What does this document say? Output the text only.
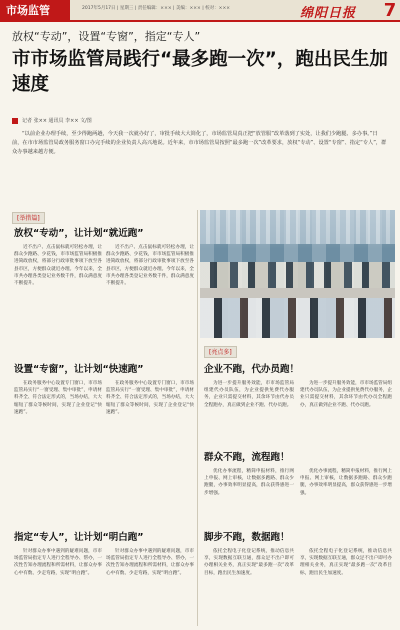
市场监管	2017年5月17日 | 星期三 | 责任编辑：××× | 美编：××× | 校对：×××	绵阳日报 7
放权“专动”，设置“专窗”，指定“专人”
市市场监管局践行“最多跑一次”，跑出民生加速度
记者 张×× 通讯员 李×× 文/图
“以前企业办理手续，至少得跑两趟，今天我一次就办好了，审批手续大大简化了，市场监管局真正把“放管服”改革落到了实处，让我们少跑腿、多办事。”日前，在市市场监管局政务服务窗口办完手续的企业负责人高兴地说。近年来，市市场监管局按照“最多跑一次”改革要求，放权“专动”、设置“专窗”、指定“专人”，群众办事越来越方便。
[举措篇]
放权“专动”，让计划“就近跑”

近不出户、点击鼠标就可轻松办理，让群众少跑路、少花钱，市市场监管局积极推进简政放权，将部分行政审批事项下放至各县市区，方便群众就近办理。今年以来，全市共办理各类登记业务数千件，群众满意度不断提升。

近不出户、点击鼠标就可轻松办理，让群众少跑路、少花钱，市市场监管局积极推进简政放权，将部分行政审批事项下放至各县市区，方便群众就近办理。今年以来，全市共办理各类登记业务数千件，群众满意度不断提升。

设置“专窗”，让计划“快速跑”

在政务服务中心设置专门窗口，市市场监管局实行“一窗受理、集中审批”，申请材料齐全、符合法定形式的，当场办结，大大缩短了群众等候时间，实现了企业登记“快速跑”。

在政务服务中心设置专门窗口，市市场监管局实行“一窗受理、集中审批”，申请材料齐全、符合法定形式的，当场办结，大大缩短了群众等候时间，实现了企业登记“快速跑”。

指定“专人”，让计划“明白跑”

针对群众办事中遇到的疑难问题，市市场监管局指定专人进行全程导办、帮办，一次性告知办理流程和所需材料，让群众办事心中有数、少走弯路，实现“明白跑”。

针对群众办事中遇到的疑难问题，市市场监管局指定专人进行全程导办、帮办，一次性告知办理流程和所需材料，让群众办事心中有数、少走弯路，实现“明白跑”。

[亮点多]
企业不跑，代办员跑！

为进一步提升服务效能，市市场监管局组建代办员队伍，为企业提供免费代办服务，企业只需提交材料，其余环节由代办员全程跑办，真正做到企业不跑、代办员跑。

为进一步提升服务效能，市市场监管局组建代办员队伍，为企业提供免费代办服务，企业只需提交材料，其余环节由代办员全程跑办，真正做到企业不跑、代办员跑。

群众不跑，流程跑！

优化办事流程，精简申报材料，推行网上申报、网上审核，让数据多跑路、群众少跑腿，办事效率明显提高，群众获得感进一步增强。

优化办事流程，精简申报材料，推行网上申报、网上审核，让数据多跑路、群众少跑腿，办事效率明显提高，群众获得感进一步增强。

脚步不跑，数据跑！

依托全程电子化登记系统，推动信息共享，实现数据互联互通，群众足不出户即可办理相关业务，真正实现“最多跑一次”改革目标，跑出民生加速度。

依托全程电子化登记系统，推动信息共享，实现数据互联互通，群众足不出户即可办理相关业务，真正实现“最多跑一次”改革目标，跑出民生加速度。
